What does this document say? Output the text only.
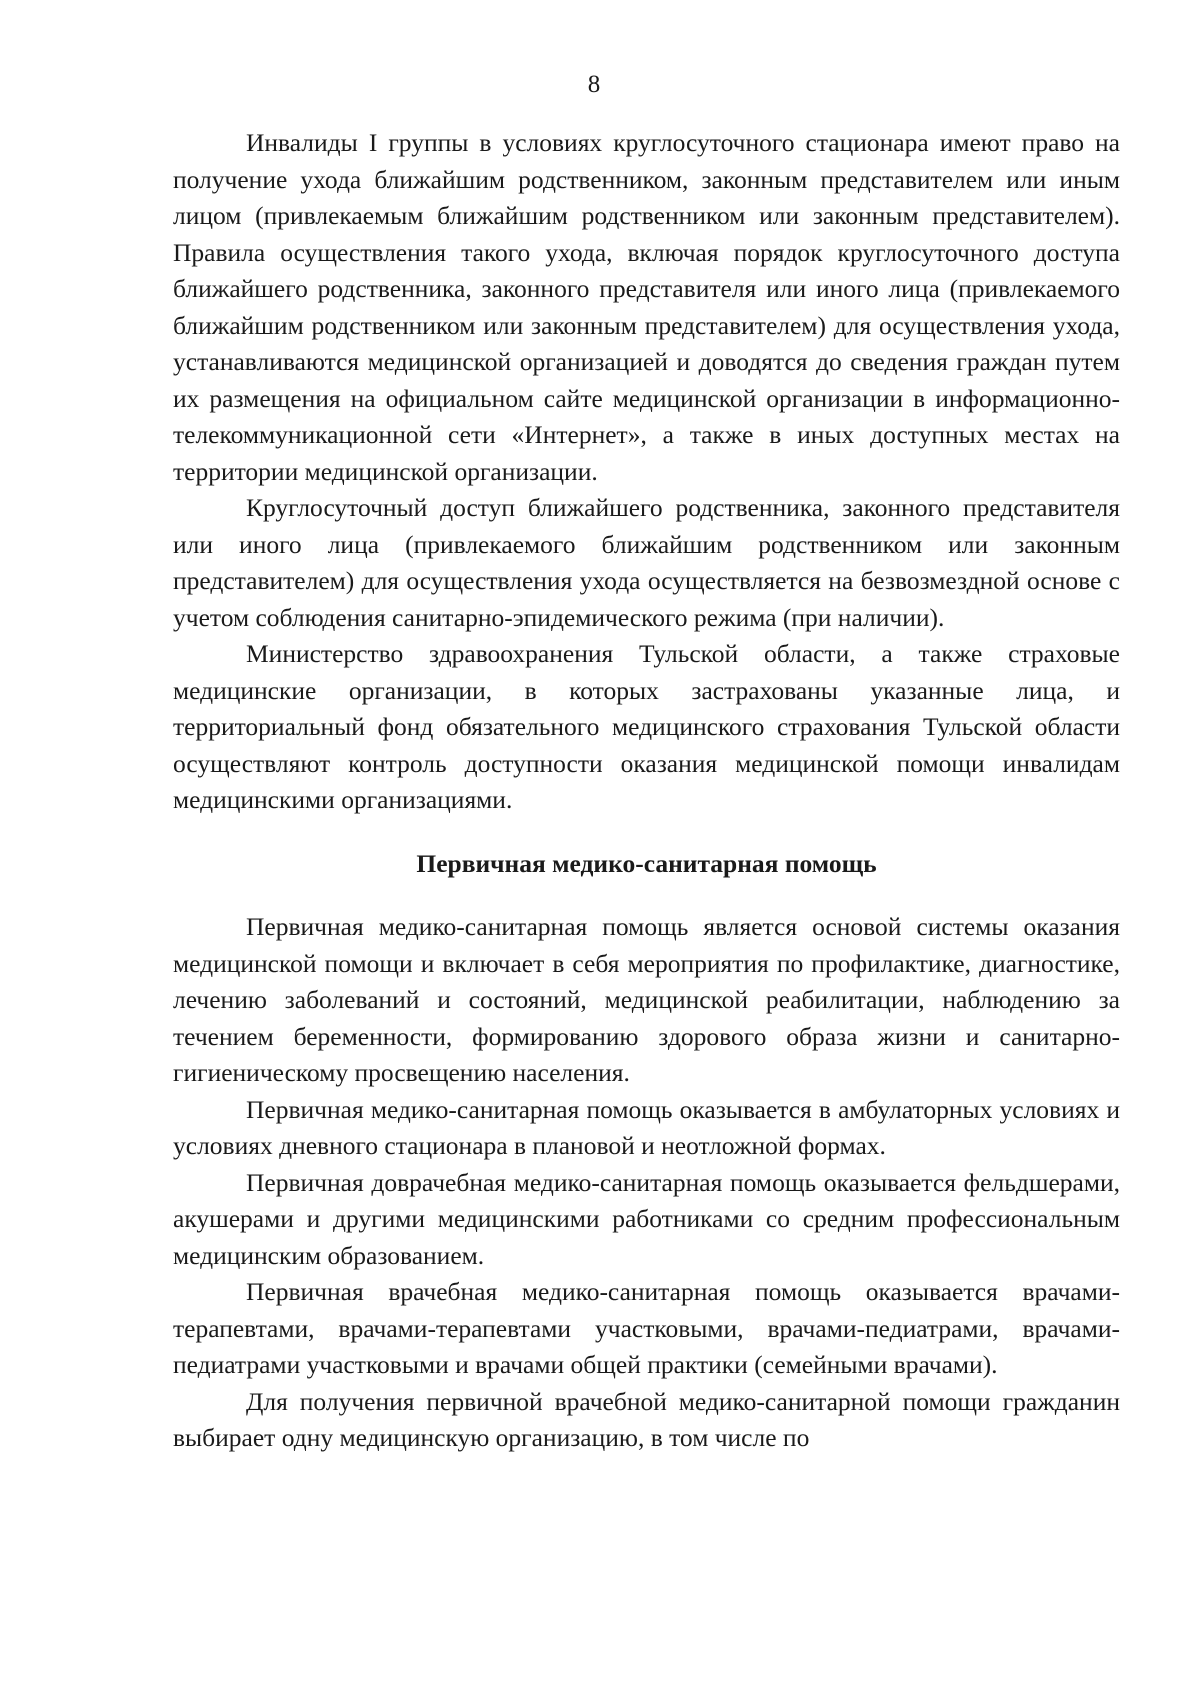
8

Инвалиды I группы в условиях круглосуточного стационара имеют право на получение ухода ближайшим родственником, законным представителем или иным лицом (привлекаемым ближайшим родственником или законным представителем). Правила осуществления такого ухода, включая порядок круглосуточного доступа ближайшего родственника, законного представителя или иного лица (привлекаемого ближайшим родственником или законным представителем) для осуществления ухода, устанавливаются медицинской организацией и доводятся до сведения граждан путем их размещения на официальном сайте медицинской организации в информационно-телекоммуникационной сети «Интернет», а также в иных доступных местах на территории медицинской организации.

Круглосуточный доступ ближайшего родственника, законного представителя или иного лица (привлекаемого ближайшим родственником или законным представителем) для осуществления ухода осуществляется на безвозмездной основе с учетом соблюдения санитарно-эпидемического режима (при наличии).

Министерство здравоохранения Тульской области, а также страховые медицинские организации, в которых застрахованы указанные лица, и территориальный фонд обязательного медицинского страхования Тульской области осуществляют контроль доступности оказания медицинской помощи инвалидам медицинскими организациями.

Первичная медико-санитарная помощь

Первичная медико-санитарная помощь является основой системы оказания медицинской помощи и включает в себя мероприятия по профилактике, диагностике, лечению заболеваний и состояний, медицинской реабилитации, наблюдению за течением беременности, формированию здорового образа жизни и санитарно-гигиеническому просвещению населения.

Первичная медико-санитарная помощь оказывается в амбулаторных условиях и условиях дневного стационара в плановой и неотложной формах.

Первичная доврачебная медико-санитарная помощь оказывается фельдшерами, акушерами и другими медицинскими работниками со средним профессиональным медицинским образованием.

Первичная врачебная медико-санитарная помощь оказывается врачами-терапевтами, врачами-терапевтами участковыми, врачами-педиатрами, врачами-педиатрами участковыми и врачами общей практики (семейными врачами).

Для получения первичной врачебной медико-санитарной помощи гражданин выбирает одну медицинскую организацию, в том числе по
